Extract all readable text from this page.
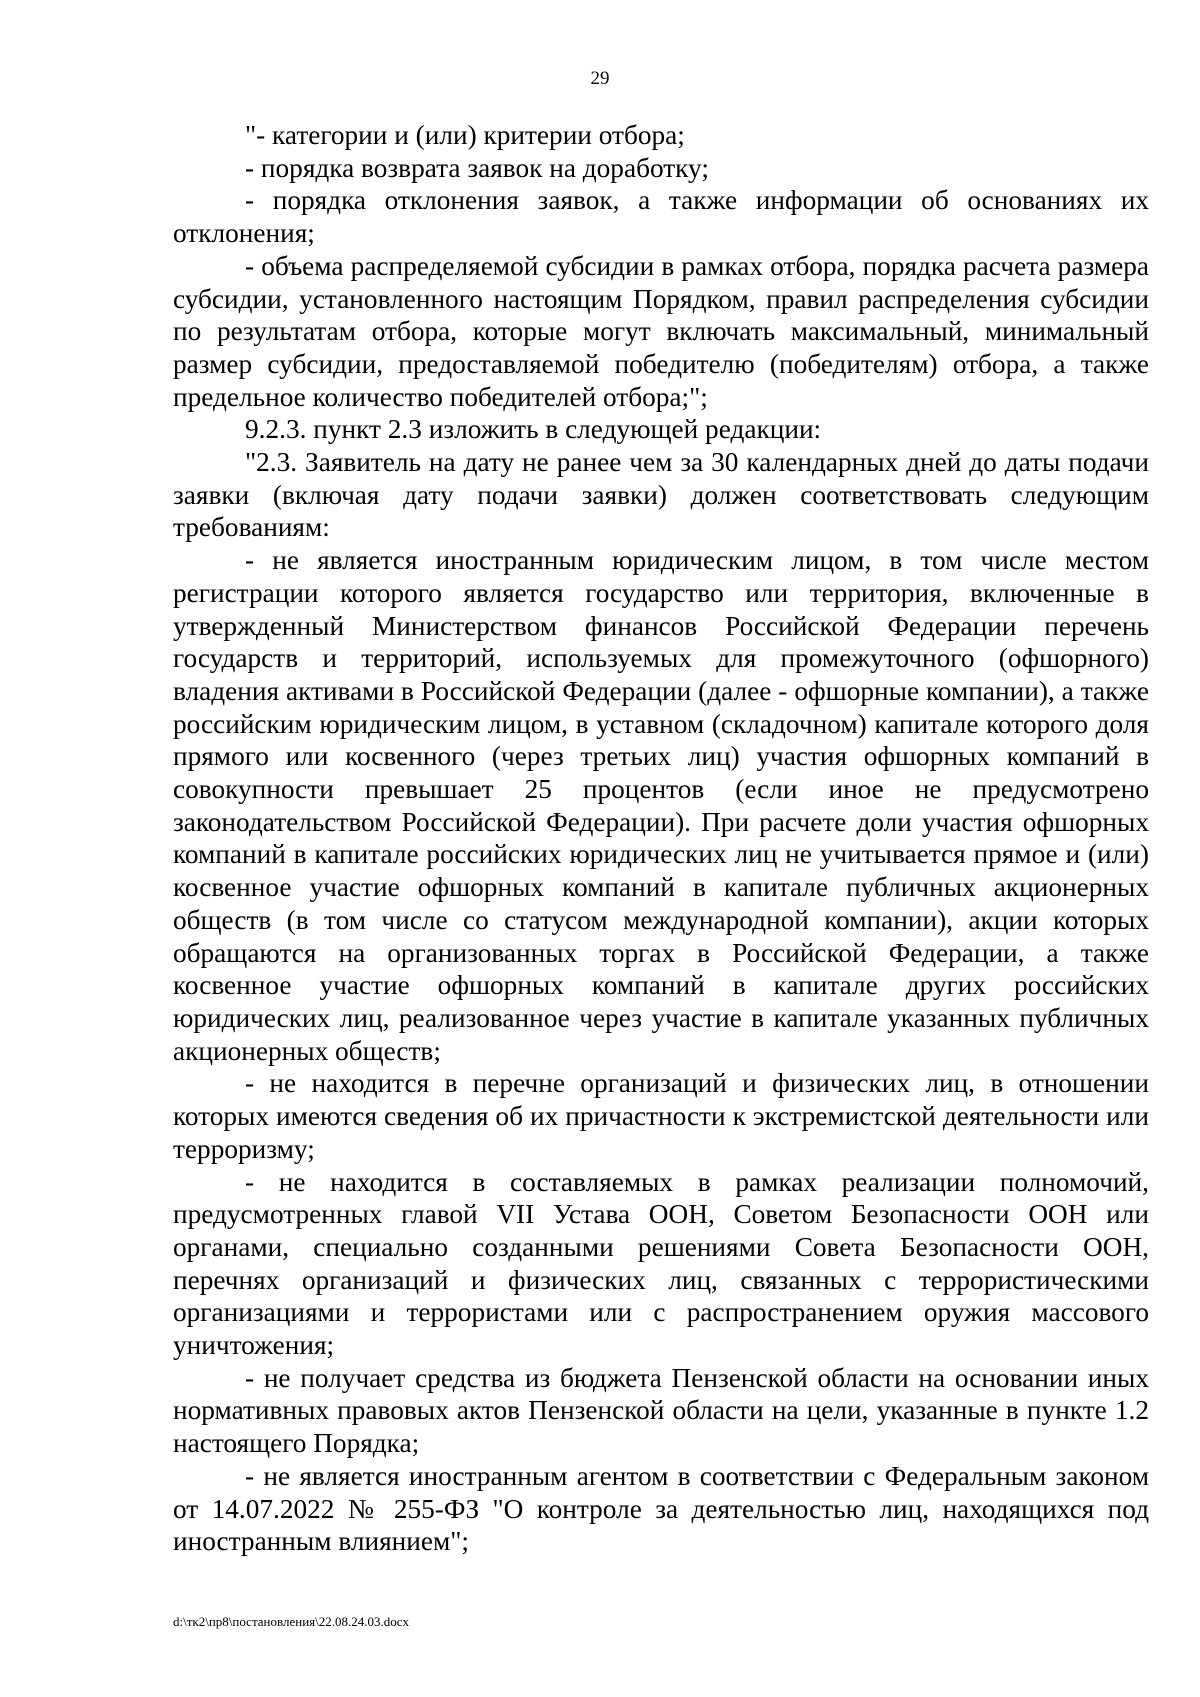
29

"- категории и (или) критерии отбора;

- порядка возврата заявок на доработку;

- порядка отклонения заявок, а также информации об основаниях их отклонения;

- объема распределяемой субсидии в рамках отбора, порядка расчета размера субсидии, установленного настоящим Порядком, правил распределения субсидии по результатам отбора, которые могут включать максимальный, минимальный размер субсидии, предоставляемой победителю (победителям) отбора, а также предельное количество победителей отбора;";

9.2.3. пункт 2.3 изложить в следующей редакции:

"2.3. Заявитель на дату не ранее чем за 30 календарных дней до даты подачи заявки (включая дату подачи заявки) должен соответствовать следующим требованиям:

- не является иностранным юридическим лицом, в том числе местом регистрации которого является государство или территория, включенные в утвержденный Министерством финансов Российской Федерации перечень государств и территорий, используемых для промежуточного (офшорного) владения активами в Российской Федерации (далее - офшорные компании), а также российским юридическим лицом, в уставном (складочном) капитале которого доля прямого или косвенного (через третьих лиц) участия офшорных компаний в совокупности превышает 25 процентов (если иное не предусмотрено законодательством Российской Федерации). При расчете доли участия офшорных компаний в капитале российских юридических лиц не учитывается прямое и (или) косвенное участие офшорных компаний в капитале публичных акционерных обществ (в том числе со статусом международной компании), акции которых обращаются на организованных торгах в Российской Федерации, а также косвенное участие офшорных компаний в капитале других российских юридических лиц, реализованное через участие в капитале указанных публичных акционерных обществ;

- не находится в перечне организаций и физических лиц, в отношении которых имеются сведения об их причастности к экстремистской деятельности или терроризму;

- не находится в составляемых в рамках реализации полномочий, предусмотренных главой VII Устава ООН, Советом Безопасности ООН или органами, специально созданными решениями Совета Безопасности ООН, перечнях организаций и физических лиц, связанных с террористическими организациями и террористами или с распространением оружия массового уничтожения;

- не получает средства из бюджета Пензенской области на основании иных нормативных правовых актов Пензенской области на цели, указанные в пункте 1.2 настоящего Порядка;

- не является иностранным агентом в соответствии с Федеральным законом от 14.07.2022 № 255-ФЗ "О контроле за деятельностью лиц, находящихся под иностранным влиянием";

d:\тк2\пр8\постановления\22.08.24.03.docx
